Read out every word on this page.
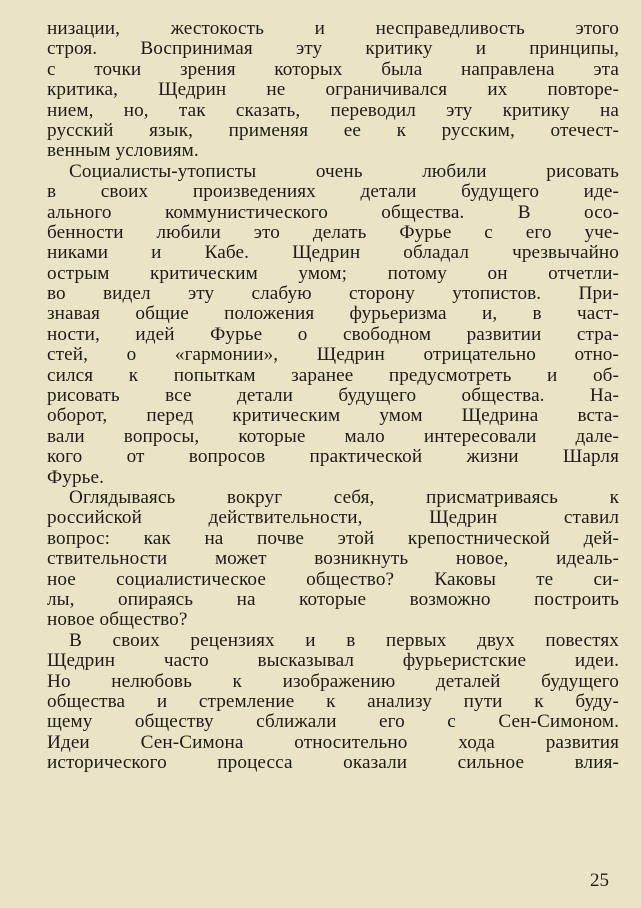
низации, жестокость и несправедливость этого
строя. Воспринимая эту критику и принципы,
с точки зрения которых была направлена эта
критика, Щедрин не ограничивался их повторе-
нием, но, так сказать, переводил эту критику на
русский язык, применяя ее к русским, отечест-
венным условиям.
Социалисты-утописты очень любили рисовать
в своих произведениях детали будущего иде-
ального коммунистического общества. В осо-
бенности любили это делать Фурье с его уче-
никами и Кабе. Щедрин обладал чрезвычайно
острым критическим умом; потому он отчетли-
во видел эту слабую сторону утопистов. При-
знавая общие положения фурьеризма и, в част-
ности, идей Фурье о свободном развитии стра-
стей, о «гармонии», Щедрин отрицательно отно-
сился к попыткам заранее предусмотреть и об-
рисовать все детали будущего общества. На-
оборот, перед критическим умом Щедрина вста-
вали вопросы, которые мало интересовали дале-
кого от вопросов практической жизни Шарля
Фурье.
Оглядываясь вокруг себя, присматриваясь к
российской действительности, Щедрин ставил
вопрос: как на почве этой крепостнической дей-
ствительности может возникнуть новое, идеаль-
ное социалистическое общество? Каковы те си-
лы, опираясь на которые возможно построить
новое общество?
В своих рецензиях и в первых двух повестях
Щедрин часто высказывал фурьеристские идеи.
Но нелюбовь к изображению деталей будущего
общества и стремление к анализу пути к буду-
щему обществу сближали его с Сен-Симоном.
Идеи Сен-Симона относительно хода развития
исторического процесса оказали сильное влия-
25
